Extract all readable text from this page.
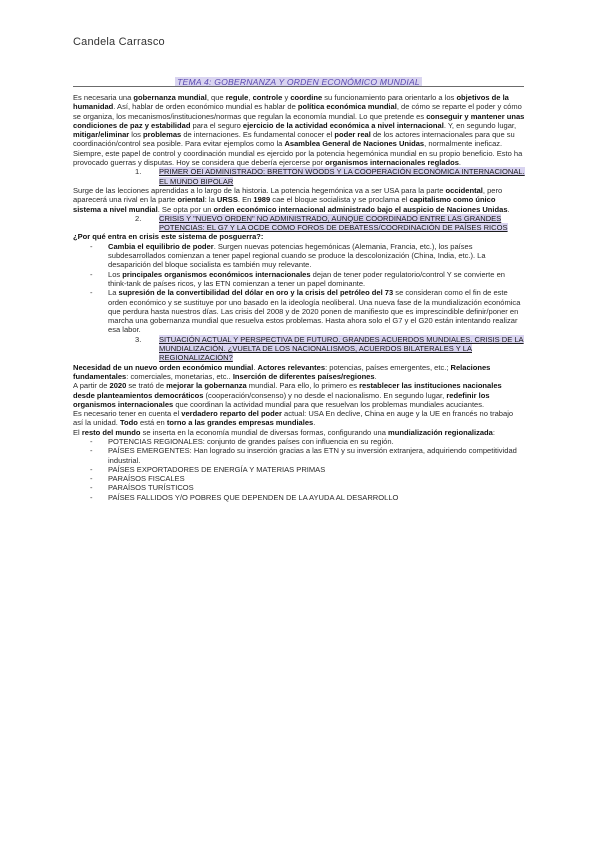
Candela Carrasco
TEMA 4: GOBERNANZA Y ORDEN ECONÓMICO MUNDIAL

Es necesaria una gobernanza mundial, que regule, controle y coordine su funcionamiento para orientarlo a los objetivos de la humanidad. Así, hablar de orden económico mundial es hablar de política económica mundial, de cómo se reparte el poder y cómo se organiza, los mecanismos/instituciones/normas que regulan la economía mundial. Lo que pretende es conseguir y mantener unas condiciones de paz y estabilidad para el seguro ejercicio de la actividad económica a nivel internacional. Y, en segundo lugar, mitigar/eliminar los problemas de internaciones. Es fundamental conocer el poder real de los actores internacionales para que su coordinación/control sea posible. Para evitar ejemplos como la Asamblea General de Naciones Unidas, normalmente ineficaz. Siempre, este papel de control y coordinación mundial es ejercido por la potencia hegemónica mundial en su propio beneficio. Esto ha provocado guerras y disputas. Hoy se considera que debería ejercerse por organismos internacionales reglados.

1.	PRIMER OEI ADMINISTRADO: BRETTON WOODS Y LA COOPERACIÓN ECONÓMICA INTERNACIONAL. EL MUNDO BIPOLAR

Surge de las lecciones aprendidas a lo largo de la historia. La potencia hegemónica va a ser USA para la parte occidental, pero aparecerá una rival en la parte oriental: la URSS. En 1989 cae el bloque socialista y se proclama el capitalismo como único sistema a nivel mundial. Se opta por un orden económico internacional administrado bajo el auspicio de Naciones Unidas.

2.	CRISIS Y "NUEVO ORDEN" NO ADMINISTRADO, AUNQUE COORDINADO ENTRE LAS GRANDES POTENCIAS: EL G7 Y LA OCDE COMO FOROS DE DEBATESS/COORDINACIÓN DE PAÍSES RICOS

¿Por qué entra en crisis este sistema de posguerra?:

-	Cambia el equilibrio de poder. Surgen nuevas potencias hegemónicas (Alemania, Francia, etc.), los países subdesarrollados comienzan a tener papel regional cuando se produce la descolonización (China, India, etc.). La desaparición del bloque socialista es también muy relevante.
-	Los principales organismos económicos internacionales dejan de tener poder regulatorio/control Y se convierte en think-tank de países ricos, y las ETN comienzan a tener un papel dominante.
-	La supresión de la convertibilidad del dólar en oro y la crisis del petróleo del 73 se consideran como el fin de este orden económico y se sustituye por uno basado en la ideología neoliberal. Una nueva fase de la mundialización económica que perdura hasta nuestros días. Las crisis del 2008 y de 2020 ponen de manifiesto que es imprescindible definir/poner en marcha una gobernanza mundial que resuelva estos problemas. Hasta ahora solo el G7 y el G20 están intentando realizar esa labor.
3.	SITUACIÓN ACTUAL Y PERSPECTIVA DE FUTURO. GRANDES ACUERDOS MUNDIALES. CRISIS DE LA MUNDIALIZACIÓN. ¿VUELTA DE LOS NACIONALISMOS, ACUERDOS BILATERALES Y LA REGIONALIZACIÓN?

Necesidad de un nuevo orden económico mundial. Actores relevantes: potencias, países emergentes, etc.; Relaciones fundamentales: comerciales, monetarias, etc.. Inserción de diferentes países/regiones.

A partir de 2020 se trató de mejorar la gobernanza mundial. Para ello, lo primero es restablecer las instituciones nacionales desde planteamientos democráticos (cooperación/consenso) y no desde el nacionalismo. En segundo lugar, redefinir los organismos internacionales que coordinan la actividad mundial para que resuelvan los problemas mundiales acuciantes.

Es necesario tener en cuenta el verdadero reparto del poder actual: USA En declive, China en auge y la UE en francés no trabajo así la unidad. Todo está en torno a las grandes empresas mundiales.

El resto del mundo se inserta en la economía mundial de diversas formas, configurando una mundialización regionalizada:

-	POTENCIAS REGIONALES: conjunto de grandes países con influencia en su región.
-	PAÍSES EMERGENTES: Han logrado su inserción gracias a las ETN y su inversión extranjera, adquiriendo competitividad industrial.
-	PAÍSES EXPORTADORES DE ENERGÍA Y MATERIAS PRIMAS
-	PARAÍSOS FISCALES
-	PARAÍSOS TURÍSTICOS
-	PAÍSES FALLIDOS Y/O POBRES QUE DEPENDEN DE LA AYUDA AL DESARROLLO
